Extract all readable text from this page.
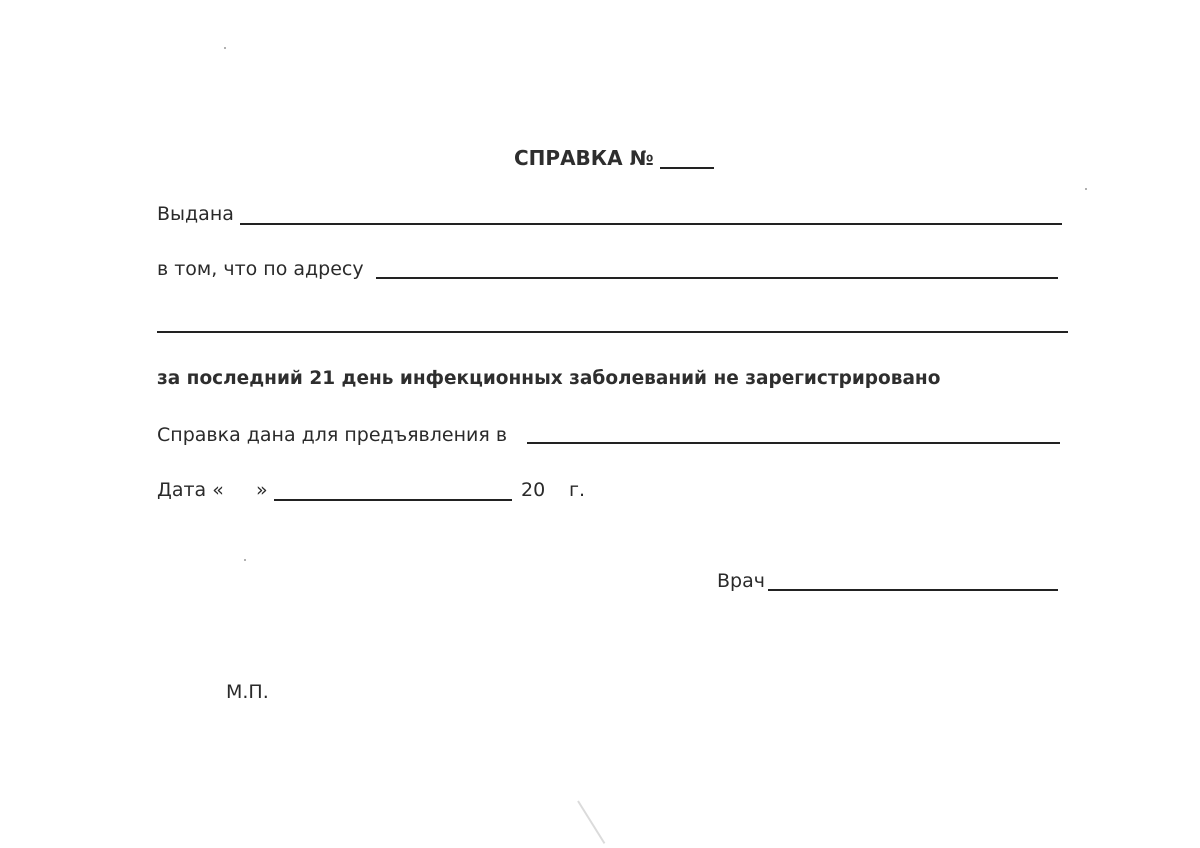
СПРАВКА №
Выдана
в том, что по адресу
за последний 21 день инфекционных заболеваний не зарегистрировано
Справка дана для предъявления в
Дата « »	20 г.
Врач
М.П.
